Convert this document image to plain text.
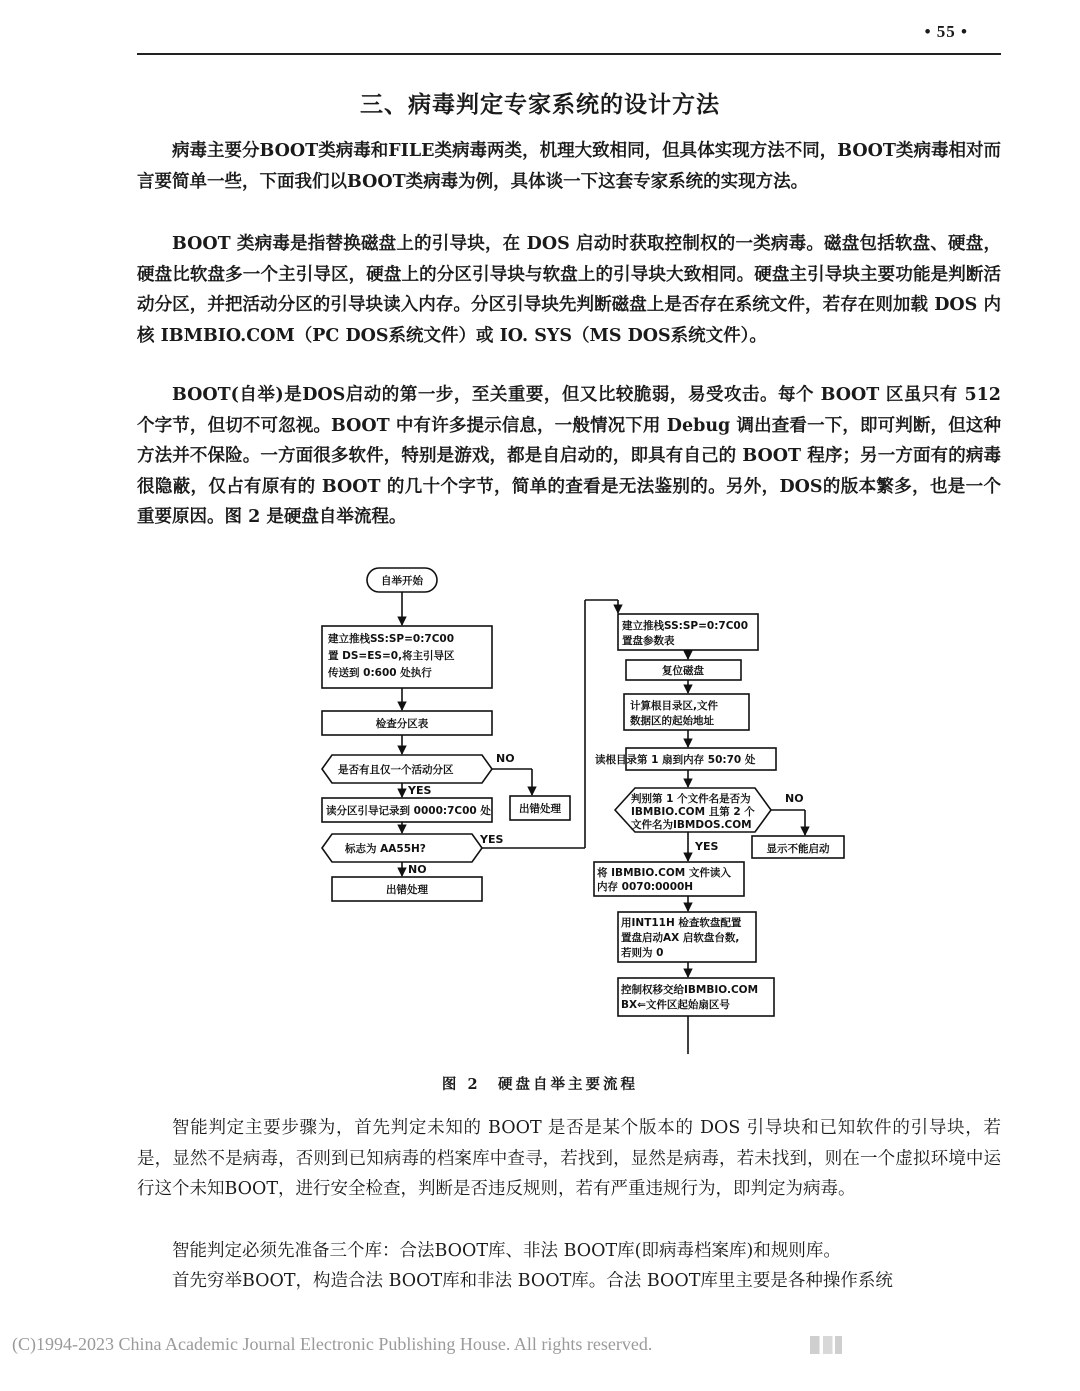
• 55 •
三、病毒判定专家系统的设计方法

病毒主要分BOOT类病毒和FILE类病毒两类，机理大致相同，但具体实现方法不同，BOOT类病毒相对而言要简单一些，下面我们以BOOT类病毒为例，具体谈一下这套专家系统的实现方法。

BOOT 类病毒是指替换磁盘上的引导块，在 DOS 启动时获取控制权的一类病毒。磁盘包括软盘、硬盘，硬盘比软盘多一个主引导区，硬盘上的分区引导块与软盘上的引导块大致相同。硬盘主引导块主要功能是判断活动分区，并把活动分区的引导块读入内存。分区引导块先判断磁盘上是否存在系统文件，若存在则加载 DOS 内核 IBMBIO.COM（PC DOS系统文件）或 IO. SYS（MS DOS系统文件）。

BOOT(自举)是DOS启动的第一步，至关重要，但又比较脆弱，易受攻击。每个 BOOT 区虽只有 512 个字节，但切不可忽视。BOOT 中有许多提示信息，一般情况下用 Debug 调出查看一下，即可判断，但这种方法并不保险。一方面很多软件，特别是游戏，都是自启动的，即具有自己的 BOOT 程序；另一方面有的病毒很隐蔽，仅占有原有的 BOOT 的几十个字节，简单的查看是无法鉴别的。另外，DOS的版本繁多，也是一个重要原因。图 2 是硬盘自举流程。

自举开始
建立推栈SS:SP=0:7C00
置 DS=ES=0,将主引导区
传送到 0:600 处执行
检查分区表
是否有且仅一个活动分区
NO
出错处理
YES
读分区引导记录到 0000:7C00 处
标志为 AA55H?
YES
NO
出错处理
建立推栈SS:SP=0:7C00
置盘参数表
复位磁盘
计算根目录区,文件
数据区的起始地址
读根目录第 1 扇到内存 50:70 处
判别第 1 个文件名是否为
IBMBIO.COM 且第 2 个
文件名为IBMDOS.COM
NO
显示不能启动
YES
将 IBMBIO.COM 文件读入
内存 0070:0000H
用INT11H 检查软盘配置
置盘启动AX 启软盘台数,
若则为 0
控制权移交给IBMBIO.COM
BX⇐文件区起始扇区号
图 2　硬盘自举主要流程

智能判定主要步骤为，首先判定未知的 BOOT 是否是某个版本的 DOS 引导块和已知软件的引导块，若是，显然不是病毒，否则到已知病毒的档案库中查寻，若找到，显然是病毒，若未找到，则在一个虚拟环境中运行这个未知BOOT，进行安全检查，判断是否违反规则，若有严重违规行为，即判定为病毒。

智能判定必须先准备三个库：合法BOOT库、非法 BOOT库(即病毒档案库)和规则库。

首先穷举BOOT，构造合法 BOOT库和非法 BOOT库。合法 BOOT库里主要是各种操作系统

(C)1994-2023 China Academic Journal Electronic Publishing House. All rights reserved.
